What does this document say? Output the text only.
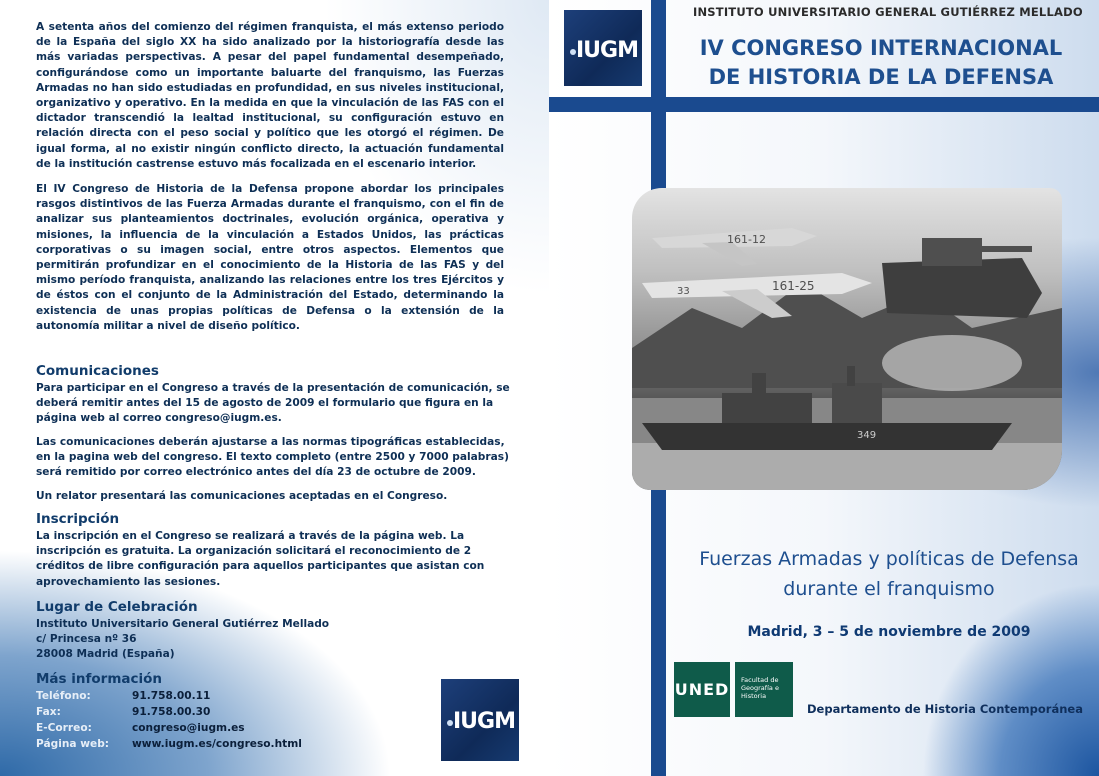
A setenta años del comienzo del régimen franquista, el más extenso periodo de la España del siglo XX ha sido analizado por la historiografía desde las más variadas perspectivas. A pesar del papel fundamental desempeñado, configurándose como un importante baluarte del franquismo, las Fuerzas Armadas no han sido estudiadas en profundidad, en sus niveles institucional, organizativo y operativo. En la medida en que la vinculación de las FAS con el dictador transcendió la lealtad institucional, su configuración estuvo en relación directa con el peso social y político que les otorgó el régimen. De igual forma, al no existir ningún conflicto directo, la actuación fundamental de la institución castrense estuvo más focalizada en el escenario interior.

El IV Congreso de Historia de la Defensa propone abordar los principales rasgos distintivos de las Fuerza Armadas durante el franquismo, con el fin de analizar sus planteamientos doctrinales, evolución orgánica, operativa y misiones, la influencia de la vinculación a Estados Unidos, las prácticas corporativas o su imagen social, entre otros aspectos. Elementos que permitirán profundizar en el conocimiento de la Historia de las FAS y del mismo período franquista, analizando las relaciones entre los tres Ejércitos y de éstos con el conjunto de la Administración del Estado, determinando la existencia de unas propias políticas de Defensa o la extensión de la autonomía militar a nivel de diseño político.

Comunicaciones

Para participar en el Congreso a través de la presentación de comunicación, se deberá remitir antes del 15 de agosto de 2009 el formulario que figura en la página web al correo congreso@iugm.es.

Las comunicaciones deberán ajustarse a las normas tipográficas establecidas, en la pagina web del congreso. El texto completo (entre 2500 y 7000 palabras) será remitido por correo electrónico antes del día 23 de octubre de 2009.

Un relator presentará las comunicaciones aceptadas en el Congreso.

Inscripción

La inscripción en el Congreso se realizará a través de la página web. La inscripción es gratuita. La organización solicitará el reconocimiento de 2 créditos de libre configuración para aquellos participantes que asistan con aprovechamiento las sesiones.

Lugar de Celebración
Instituto Universitario General Gutiérrez Mellado
c/ Princesa nº 36
28008 Madrid (España)
Más información
Teléfono:	91.758.00.11
Fax:	91.758.00.30
E-Correo:	congreso@iugm.es
Página web: www.iugm.es/congreso.html
IUGM
IUGM
INSTITUTO UNIVERSITARIO GENERAL GUTIÉRREZ MELLADO
IV CONGRESO INTERNACIONAL
DE HISTORIA DE LA DEFENSA
349
161-12
161-25
33
Fuerzas Armadas y políticas de Defensa
durante el franquismo
Madrid, 3 – 5 de noviembre de 2009
UNED Facultad de Geografía e Historia
Departamento de Historia Contemporánea
